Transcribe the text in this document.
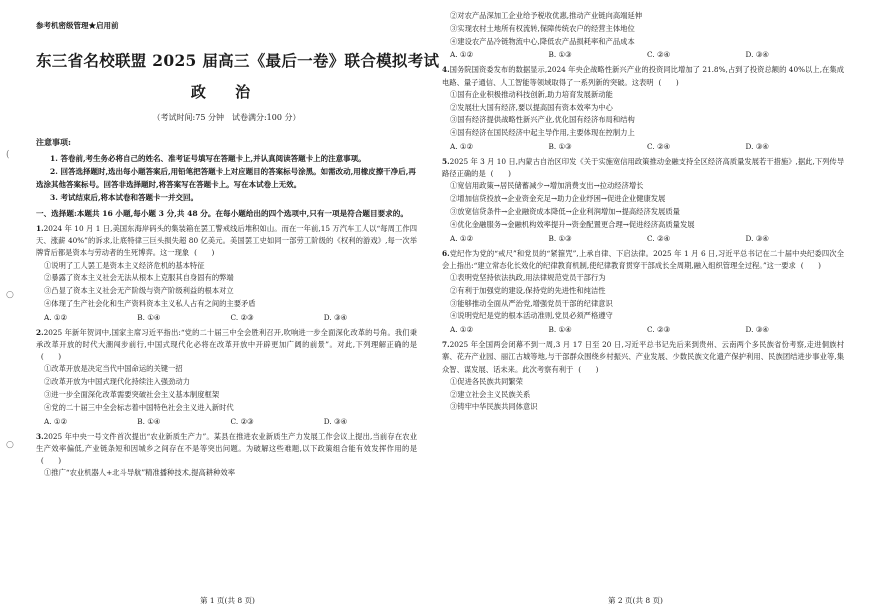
(
○
○
参考机密级管理★启用前
东三省名校联盟 2025 届高三《最后一卷》联合模拟考试
政 治
（考试时间:75 分钟　试卷满分:100 分）
注意事项:
1. 答卷前,考生务必将自己的姓名、准考证号填写在答题卡上,并认真阅读答题卡上的注意事项。
2. 回答选择题时,选出每小题答案后,用铅笔把答题卡上对应题目的答案标号涂黑。如需改动,用橡皮擦干净后,再选涂其他答案标号。回答非选择题时,将答案写在答题卡上。写在本试卷上无效。
3. 考试结束后,将本试卷和答题卡一并交回。
一、选择题:本题共 16 小题,每小题 3 分,共 48 分。在每小题给出的四个选项中,只有一项是符合题目要求的。
1.2024 年 10 月 1 日,美国东海岸码头的集装箱在罢工警戒线后堆积如山。而在一年前,15 万汽车工人以“每周工作四天、涨薪 40%”的诉求,让底特律三巨头损失超 80 亿美元。美国罢工史如同一部劳工阶级的《权利的游戏》,每一次举牌背后都是资本与劳动者的生死博弈。这一现象 (　　)
①说明了工人罢工是资本主义经济危机的基本特征
②暴露了资本主义社会无法从根本上克服其自身固有的弊端
③凸显了资本主义社会无产阶级与资产阶级利益的根本对立
④体现了生产社会化和生产资料资本主义私人占有之间的主要矛盾
A. ①②	B. ①④	C. ②③	D. ③④
2.2025 年新年贺词中,国家主席习近平指出:“党的二十届三中全会胜利召开,吹响进一步全面深化改革的号角。我们秉承改革开放的时代大潮闯步前行,中国式现代化必将在改革开放中开辟更加广阔的前景”。对此,下列理解正确的是(　　)
①改革开放是决定当代中国命运的关键一招
②改革开放为中国式现代化持续注入强劲动力
③进一步全面深化改革需要突破社会主义基本制度框架
④党的二十届三中全会标志着中国特色社会主义进入新时代
A. ①②	B. ①④	C. ②③	D. ③④
3.2025 年中央一号文件首次提出“农业新质生产力”。某县在推进农业新质生产力发展工作会议上提出,当前存在农业生产效率偏低,产业链条短和因城乡之间存在不是等突出问题。为破解这些难题,以下政策组合能有效发挥作用的是(　　)
①推广“农业机器人+北斗导航”精准播种技术,提高耕种效率
第 1 页(共 8 页)
②对农产品深加工企业给予税收优惠,推动产业链向高端延伸
③实现农村土地所有权流转,保障传统农户的经营主体地位
④建设农产品冷链物流中心,降低农产品损耗率和产品成本
A. ①②	B. ①③	C. ②④	D. ③④
4.国务院国资委发布的数据显示,2024 年央企战略性新兴产业的投资同比增加了 21.8%,占到了投资总额的 40%以上,在集成电路、量子通信、人工智能等领域取得了一系列新的突破。这表明 (　　)
①国有企业积极推动科技创新,助力培育发展新动能
②发展壮大国有经济,要以提高国有资本效率为中心
③国有经济提供战略性新兴产业,优化国有经济布局和结构
④国有经济在国民经济中起主导作用,主要体现在控制力上
A. ①②	B. ①③	C. ②④	D. ③④
5.2025 年 3 月 10 日,内蒙古自治区印发《关于实施宽信用政策推动金融支持全区经济高质量发展若干措施》,据此,下列传导路径正确的是 (　　)
①宽信用政策→居民储蓄减少→增加消费支出→拉动经济增长
②增加信贷投放→企业资金充足→助力企业纾困→促进企业健康发展
③放宽信贷条件→企业融资成本降低→企业利润增加→提高经济发展质量
④优化金融服务→金融机构效率提升→资金配置更合理→促进经济高质量发展
A. ①②	B. ①③	C. ②④	D. ③④
6.党纪作为党的“戒尺”和党员的“紧箍咒”,上承自律、下启法律。2025 年 1 月 6 日,习近平总书记在二十届中央纪委四次全会上指出:“建立常态化长效化的纪律教育机制,使纪律教育贯穿干部成长全周期,融入组织管理全过程。”这一要求 (　　)
①表明党坚持依法执政,用法律规范党员干部行为
②有利于加强党的建设,保持党的先进性和纯洁性
③能够推动全面从严治党,增强党员干部的纪律意识
④说明党纪是党的根本活动准则,党员必须严格遵守
A. ①②	B. ①④	C. ②③	D. ③④
7.2025 年全国两会闭幕不到一周,3 月 17 日至 20 日,习近平总书记先后来到贵州、云南两个多民族省份考察,走进侗族村寨、花卉产业园、丽江古城等地,与干部群众围绕乡村振兴、产业发展、少数民族文化遗产保护利用、民族团结进步事业等,集众智、谋发展、话未来。此次考察有利于 (　　)
①促进各民族共同繁荣
②建立社会主义民族关系
③铸牢中华民族共同体意识
第 2 页(共 8 页)
